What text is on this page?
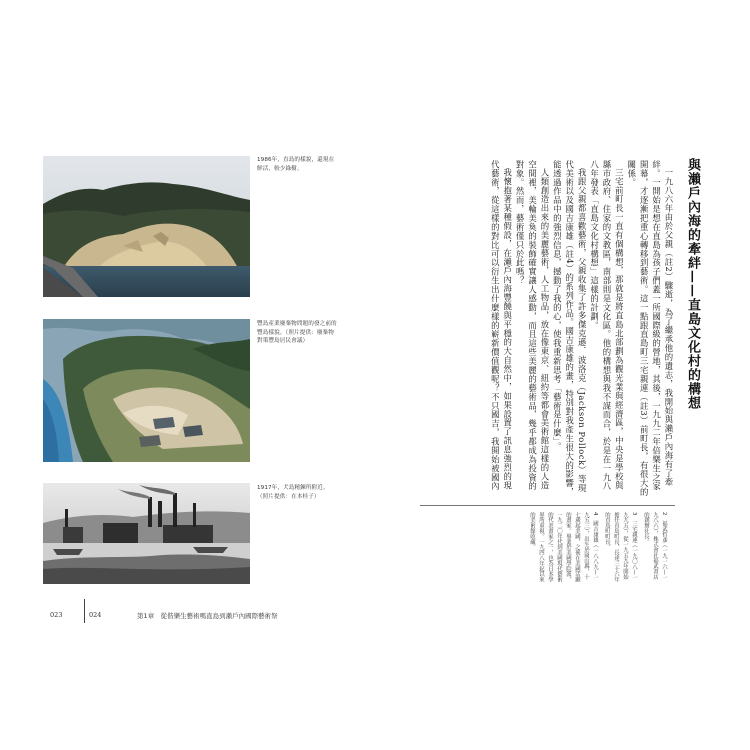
1986年，直島的樣貌，還現在鮮活，較少綠樹。
豐島產業廢棄物問題的發之前的豐島樣貌。（照片提供：廢棄物對策豐島居民會議）
1917年，犬島精鍊所附近。（照片提供：在本桂子）
023	024	第1章　從偕樂生藝術嗎直島到瀨戶內國際藝術祭
與瀨戶內海的牽絆——直島文化村的構想

一九八六年由於父親（註2）驟逝，為了繼承他的遺志，我開始與瀨戶內海有了牽絆。一開始是想在直島為孩子們蓋一所國際級的營地，其後，一九九二年倍樂生之家開幕，才逐漸把重心轉移到藝術。這一點跟直島町三宅親連（註3）前町長，有很大的關係。

三宅前町長一直有個構想，那就是將直島北部劃為觀光業與經濟區，中央是學校與縣市政府、住家的文教區，南部則是文化區。他的構想與我不謀而合，於是在一九八八年發表「直島文化村構想」這樣的計劃。

我跟父親都喜歡藝術，父親收集了許多傑克遜．波洛克（Jackson Pollock）等現代美術以及國吉康雄（註4）的系列作品。國吉康雄的畫，特別對我產生很大的影響，能透過作品中的強烈信息，撼動了我的心，使我重新思考「藝術是什麼」。

人類創造出來的美麗藝術，人工物品，放在像東京、紐約等都會美術館這樣的人造空間裡，美輪美奐的裝飾確實讓人感動，而且這些美麗的藝術品，幾乎都成為投資的對象。然而，藝術僅只於此嗎？

我懷抱著某種假設，在瀨戶內海豐饒與平穩的大自然中，如果設置了訊息強烈的現代藝術，從這樣的對比可以衍生出什麼樣的嶄新價值觀呢？不只國吉，我開始被國內

2　福武哲彥（一九一六—一九八六），株式會社福武書店的創辦社長。

3　三宅親連（一九〇八—一九九五），從一九五九年開始擔任直島町長，長達三十六年的直島町町長。

4　國吉康雄（一八八九—一九五三），出生於岡山縣，十七歲起美國，之後在美國活躍的畫家。畢業於美國學院派，一九二〇年代到美國現代藝術的代表畫家之一，也為日本學界所重視。一九四八年起以來的美術館收藏。
